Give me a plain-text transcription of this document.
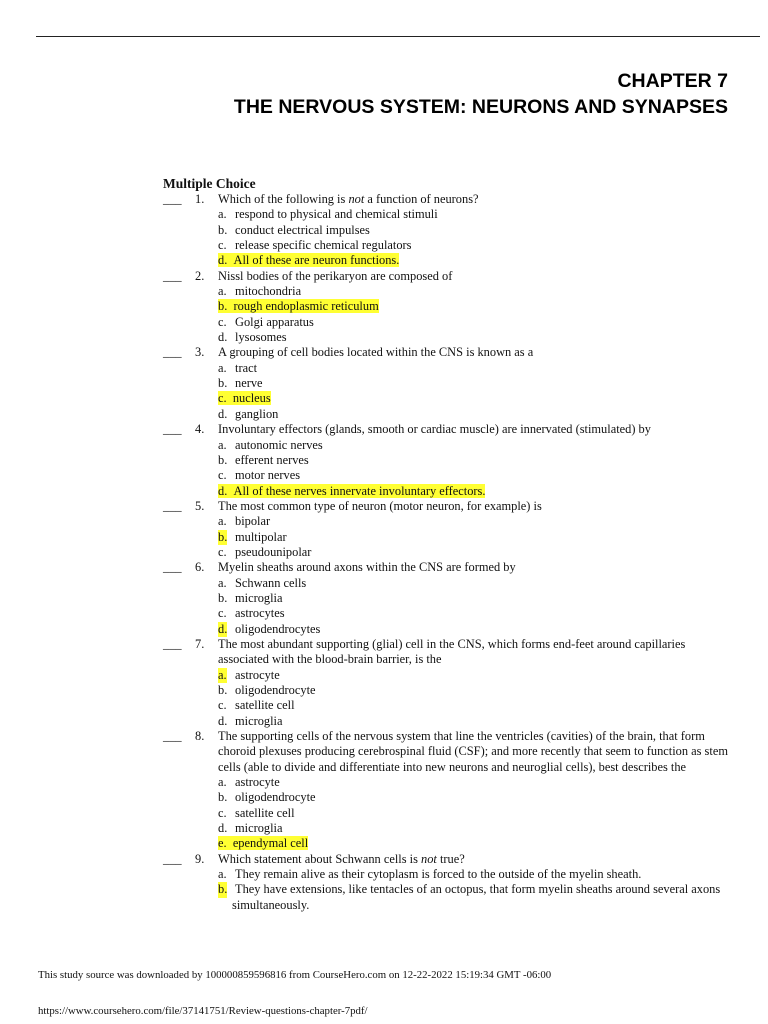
CHAPTER 7
THE NERVOUS SYSTEM: NEURONS AND SYNAPSES
Multiple Choice
___ 1. Which of the following is not a function of neurons?
a. respond to physical and chemical stimuli
b. conduct electrical impulses
c. release specific chemical regulators
d. All of these are neuron functions.
___ 2. Nissl bodies of the perikaryon are composed of
a. mitochondria
b. rough endoplasmic reticulum
c. Golgi apparatus
d. lysosomes
___ 3. A grouping of cell bodies located within the CNS is known as a
a. tract
b. nerve
c. nucleus
d. ganglion
___ 4. Involuntary effectors (glands, smooth or cardiac muscle) are innervated (stimulated) by
a. autonomic nerves
b. efferent nerves
c. motor nerves
d. All of these nerves innervate involuntary effectors.
___ 5. The most common type of neuron (motor neuron, for example) is
a. bipolar
b. multipolar
c. pseudounipolar
___ 6. Myelin sheaths around axons within the CNS are formed by
a. Schwann cells
b. microglia
c. astrocytes
d. oligodendrocytes
___ 7. The most abundant supporting (glial) cell in the CNS, which forms end-feet around capillaries associated with the blood-brain barrier, is the
a. astrocyte
b. oligodendrocyte
c. satellite cell
d. microglia
___ 8. The supporting cells of the nervous system that line the ventricles (cavities) of the brain, that form choroid plexuses producing cerebrospinal fluid (CSF); and more recently that seem to function as stem cells (able to divide and differentiate into new neurons and neuroglial cells), best describes the
a. astrocyte
b. oligodendrocyte
c. satellite cell
d. microglia
e. ependymal cell
___ 9. Which statement about Schwann cells is not true?
a. They remain alive as their cytoplasm is forced to the outside of the myelin sheath.
b. They have extensions, like tentacles of an octopus, that form myelin sheaths around several axons simultaneously.
This study source was downloaded by 100000859596816 from CourseHero.com on 12-22-2022 15:19:34 GMT -06:00
https://www.coursehero.com/file/37141751/Review-questions-chapter-7pdf/
